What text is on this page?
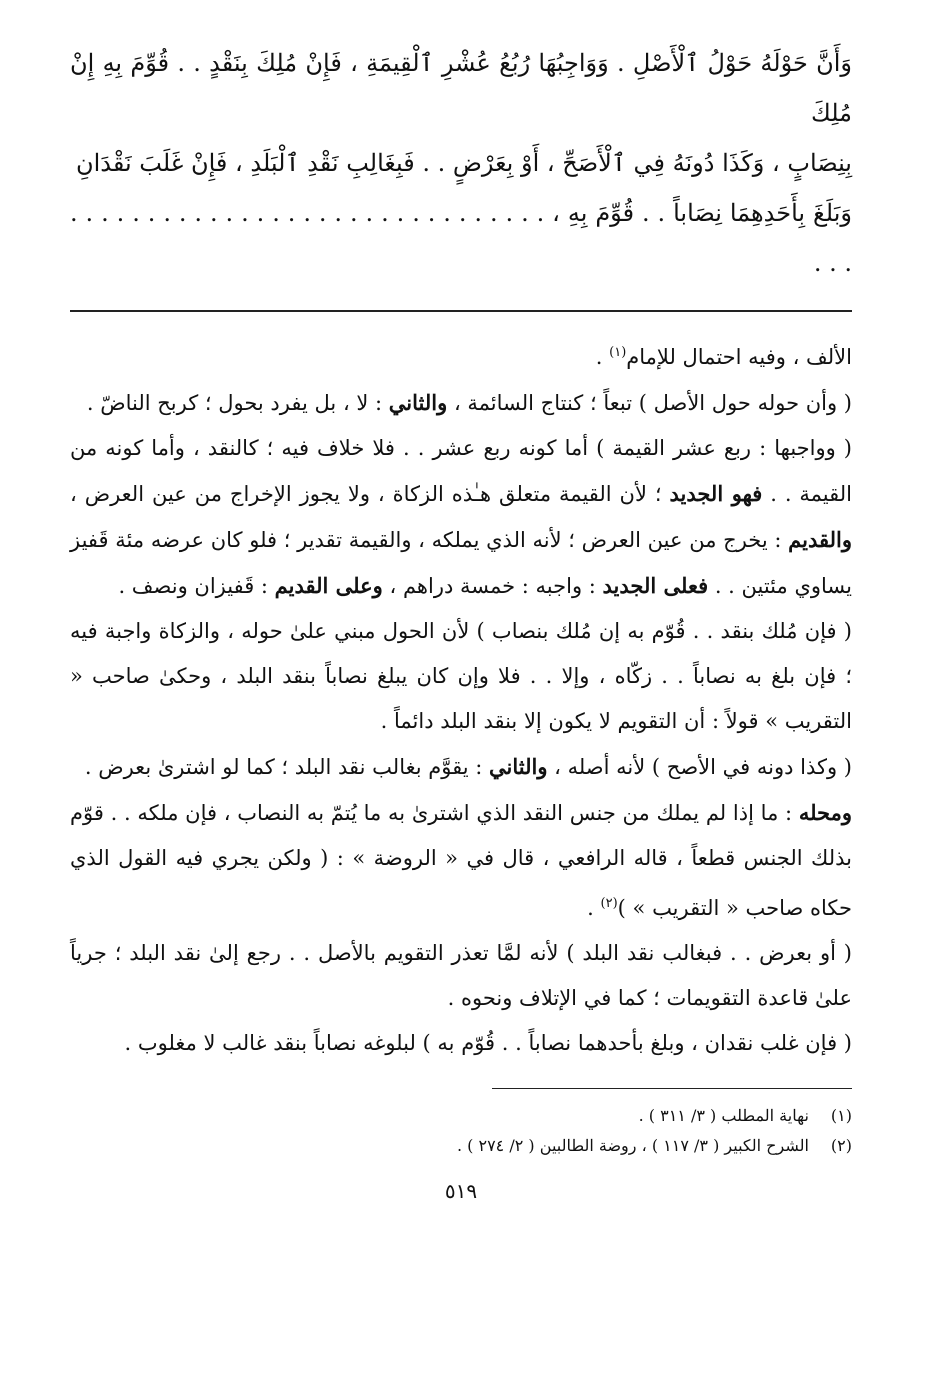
وَأَنَّ حَوْلَهُ حَوْلُ ٱلْأَصْلِ . وَوَاجِبُهَا رُبُعُ عُشْرِ ٱلْقِيمَةِ ، فَإِنْ مُلِكَ بِنَقْدٍ . . قُوِّمَ بِهِ إِنْ مُلِكَ

بِنِصَابٍ ، وَكَذَا دُونَهُ فِي ٱلْأَصَحِّ ، أَوْ بِعَرْضٍ . . فَبِغَالِبِ نَقْدِ ٱلْبَلَدِ ، فَإِنْ غَلَبَ نَقْدَانِ

وَبَلَغَ بِأَحَدِهِمَا نِصَاباً . . قُوِّمَ بِهِ ، . . . . . . . . . . . . . . . . . . . . . . . . . . . . . . . . . .

الألف ، وفيه احتمال للإمام$^{(١)}$ .

( وأن حوله حول الأصل ) تبعاً ؛ كنتاج السائمة ، والثاني : لا ، بل يفرد بحول ؛ كربح الناضّ .

( وواجبها : ربع عشر القيمة ) أما كونه ربع عشر . . فلا خلاف فيه ؛ كالنقد ، وأما كونه من القيمة . . فهو الجديد ؛ لأن القيمة متعلق هـٰذه الزكاة ، ولا يجوز الإخراج من عين العرض ، والقديم : يخرج من عين العرض ؛ لأنه الذي يملكه ، والقيمة تقدير ؛ فلو كان عرضه مئة قَفيز يساوي مئتين . . فعلى الجديد : واجبه : خمسة دراهم ، وعلى القديم : قَفيزان ونصف .

( فإن مُلك بنقد . . قُوّم به إن مُلك بنصاب ) لأن الحول مبني علىٰ حوله ، والزكاة واجبة فيه ؛ فإن بلغ به نصاباً . . زكّاه ، وإلا . . فلا وإن كان يبلغ نصاباً بنقد البلد ، وحكىٰ صاحب « التقريب » قولاً : أن التقويم لا يكون إلا بنقد البلد دائماً .

( وكذا دونه في الأصح ) لأنه أصله ، والثاني : يقوَّم بغالب نقد البلد ؛ كما لو اشترىٰ بعرض .

ومحله : ما إذا لم يملك من جنس النقد الذي اشترىٰ به ما يُتمّ به النصاب ، فإن ملكه . . قوّم بذلك الجنس قطعاً ، قاله الرافعي ، قال في « الروضة » : ( ولكن يجري فيه القول الذي حكاه صاحب « التقريب » )$^{(٢)}$ .

( أو بعرض . . فبغالب نقد البلد ) لأنه لمَّا تعذر التقويم بالأصل . . رجع إلىٰ نقد البلد ؛ جرياً علىٰ قاعدة التقويمات ؛ كما في الإتلاف ونحوه .

( فإن غلب نقدان ، وبلغ بأحدهما نصاباً . . قُوّم به ) لبلوغه نصاباً بنقد غالب لا مغلوب .

(١) نهاية المطلب ( ٣/ ٣١١ ) .

(٢) الشرح الكبير ( ٣/ ١١٧ ) ، روضة الطالبين ( ٢/ ٢٧٤ ) .

٥١٩
